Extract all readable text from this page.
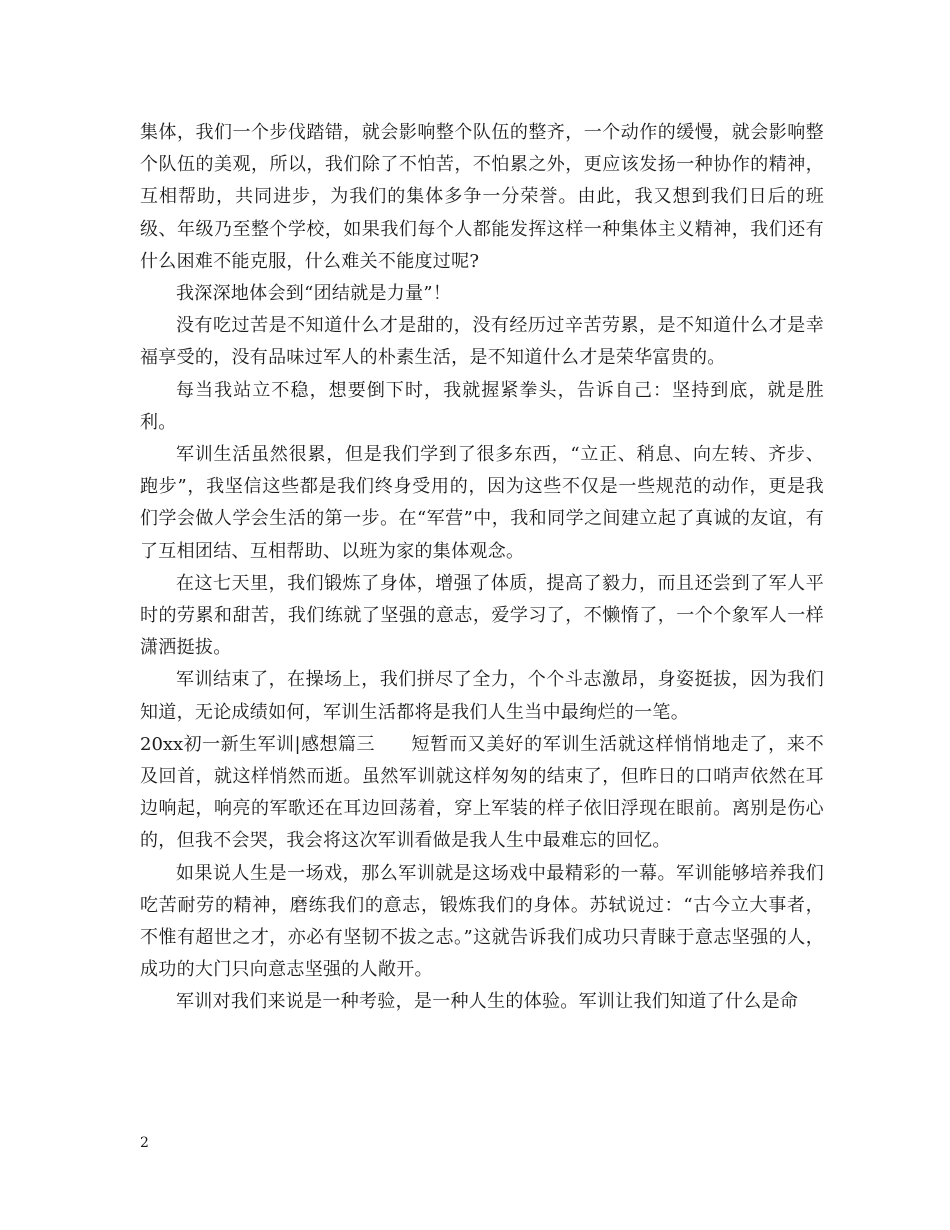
集体，我们一个步伐踏错，就会影响整个队伍的整齐，一个动作的缓慢，就会影响整个队伍的美观，所以，我们除了不怕苦，不怕累之外，更应该发扬一种协作的精神，互相帮助，共同进步，为我们的集体多争一分荣誉。由此，我又想到我们日后的班级、年级乃至整个学校，如果我们每个人都能发挥这样一种集体主义精神，我们还有什么困难不能克服，什么难关不能度过呢?

我深深地体会到“团结就是力量”！

没有吃过苦是不知道什么才是甜的，没有经历过辛苦劳累，是不知道什么才是幸福享受的，没有品味过军人的朴素生活，是不知道什么才是荣华富贵的。

每当我站立不稳，想要倒下时，我就握紧拳头，告诉自己：坚持到底，就是胜利。

军训生活虽然很累，但是我们学到了很多东西，“立正、稍息、向左转、齐步、跑步”，我坚信这些都是我们终身受用的，因为这些不仅是一些规范的动作，更是我们学会做人学会生活的第一步。在“军营”中，我和同学之间建立起了真诚的友谊，有了互相团结、互相帮助、以班为家的集体观念。

在这七天里，我们锻炼了身体，增强了体质，提高了毅力，而且还尝到了军人平时的劳累和甜苦，我们练就了坚强的意志，爱学习了，不懒惰了，一个个象军人一样潇洒挺拔。

军训结束了，在操场上，我们拼尽了全力，个个斗志激昂，身姿挺拔，因为我们知道，无论成绩如何，军训生活都将是我们人生当中最绚烂的一笔。

20xx初一新生军训|感想篇三 短暂而又美好的军训生活就这样悄悄地走了，来不及回首，就这样悄然而逝。虽然军训就这样匆匆的结束了，但昨日的口哨声依然在耳边响起，响亮的军歌还在耳边回荡着，穿上军装的样子依旧浮现在眼前。离别是伤心的，但我不会哭，我会将这次军训看做是我人生中最难忘的回忆。

如果说人生是一场戏，那么军训就是这场戏中最精彩的一幕。军训能够培养我们吃苦耐劳的精神，磨练我们的意志，锻炼我们的身体。苏轼说过：“古今立大事者，不惟有超世之才，亦必有坚韧不拔之志。”这就告诉我们成功只青睐于意志坚强的人，成功的大门只向意志坚强的人敞开。

军训对我们来说是一种考验，是一种人生的体验。军训让我们知道了什么是命

2
